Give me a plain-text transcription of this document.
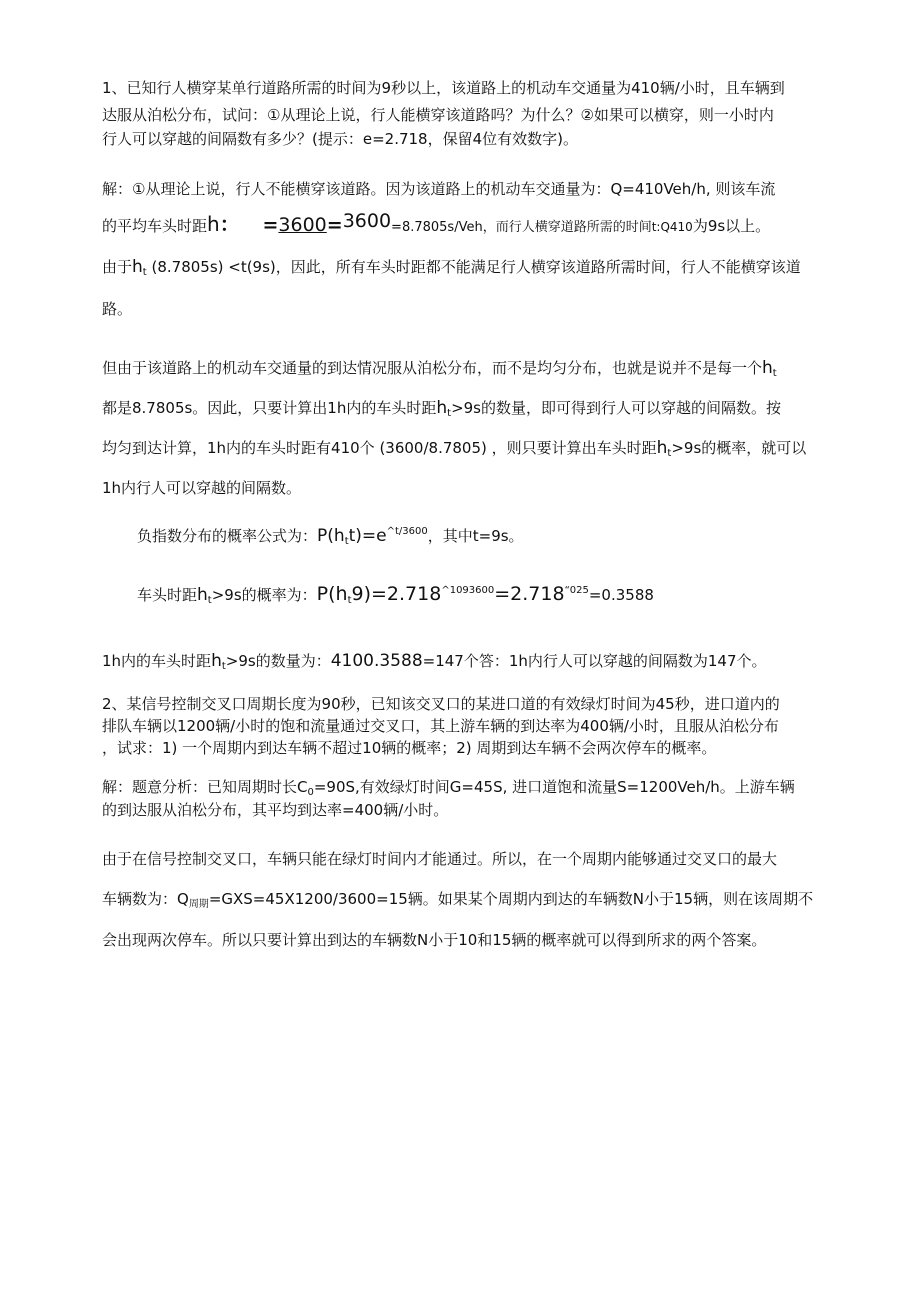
1、已知行人横穿某单行道路所需的时间为9秒以上，该道路上的机动车交通量为410辆/小时，且车辆到
达服从泊松分布，试问：①从理论上说，行人能横穿该道路吗？为什么？②如果可以横穿，则一小时内
行人可以穿越的间隔数有多少？(提示：e=2.718，保留4位有效数字)。
解：①从理论上说，行人不能横穿该道路。因为该道路上的机动车交通量为：Q=410Veh/h, 则该车流
的平均车头时距h： =3600=3600=8.7805s/Veh，而行人横穿道路所需的时间t:Q410为9s以上。
由于$h_t$ (8.7805s) <t(9s)，因此，所有车头时距都不能满足行人横穿该道路所需时间，行人不能横穿该道
路。
但由于该道路上的机动车交通量的到达情况服从泊松分布，而不是均匀分布，也就是说并不是每一个$h_t$
都是8.7805s。因此，只要计算出1h内的车头时距$h_t>9s$的数量，即可得到行人可以穿越的间隔数。按
均匀到达计算，1h内的车头时距有410个 (3600/8.7805) ，则只要计算出车头时距$h_t>9s$的概率，就可以
1h内行人可以穿越的间隔数。
负指数分布的概率公式为：$P(h_tt)=e^{\^{}t/3600}$，其中t=9s。
车头时距$h_t>9s$的概率为：$P(h_t9)=2.718^{\^{}1093600}=2.718^{“025}=0.3588$
1h内的车头时距$h_t>9s$的数量为：4100.3588=147个答：1h内行人可以穿越的间隔数为147个。
2、某信号控制交叉口周期长度为90秒，已知该交叉口的某进口道的有效绿灯时间为45秒，进口道内的
排队车辆以1200辆/小时的饱和流量通过交叉口，其上游车辆的到达率为400辆/小时，且服从泊松分布
，试求：1) 一个周期内到达车辆不超过10辆的概率；2) 周期到达车辆不会两次停车的概率。
解：题意分析：已知周期时长$C_0=90S$,有效绿灯时间G=45S, 进口道饱和流量S=1200Veh/h。上游车辆
的到达服从泊松分布，其平均到达率=400辆/小时。
由于在信号控制交叉口，车辆只能在绿灯时间内才能通过。所以，在一个周期内能够通过交叉口的最大
车辆数为：$Q_{周期}=GXS=45X1200/3600=15$辆。如果某个周期内到达的车辆数N小于15辆，则在该周期不
会出现两次停车。所以只要计算出到达的车辆数N小于10和15辆的概率就可以得到所求的两个答案。
